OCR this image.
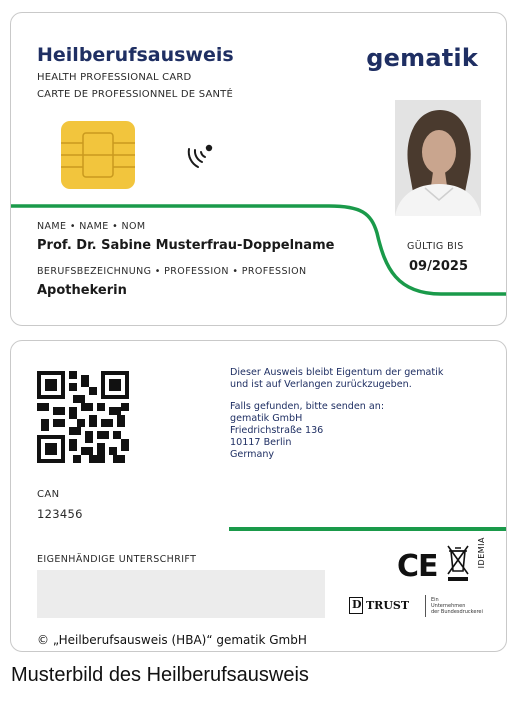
Heilberufsausweis
HEALTH PROFESSIONAL CARD
CARTE DE PROFESSIONNEL DE SANTÉ
gematik
NAME • NAME • NOM
Prof. Dr. Sabine Musterfrau-Doppelname
BERUFSBEZEICHNUNG • PROFESSION • PROFESSION
Apothekerin
GÜLTIG BIS
09/2025
Dieser Ausweis bleibt Eigentum der gematik
und ist auf Verlangen zurückzugeben.
Falls gefunden, bitte senden an:
gematik GmbH
Friedrichstraße 136
10117 Berlin
Germany
CAN
123456
EIGENHÄNDIGE UNTERSCHRIFT	CE	IDEMIA
D TRUST	Ein
Unternehmen
der Bundesdruckerei
© „Heilberufsausweis (HBA)“ gematik GmbH
Musterbild des Heilberufsausweis
